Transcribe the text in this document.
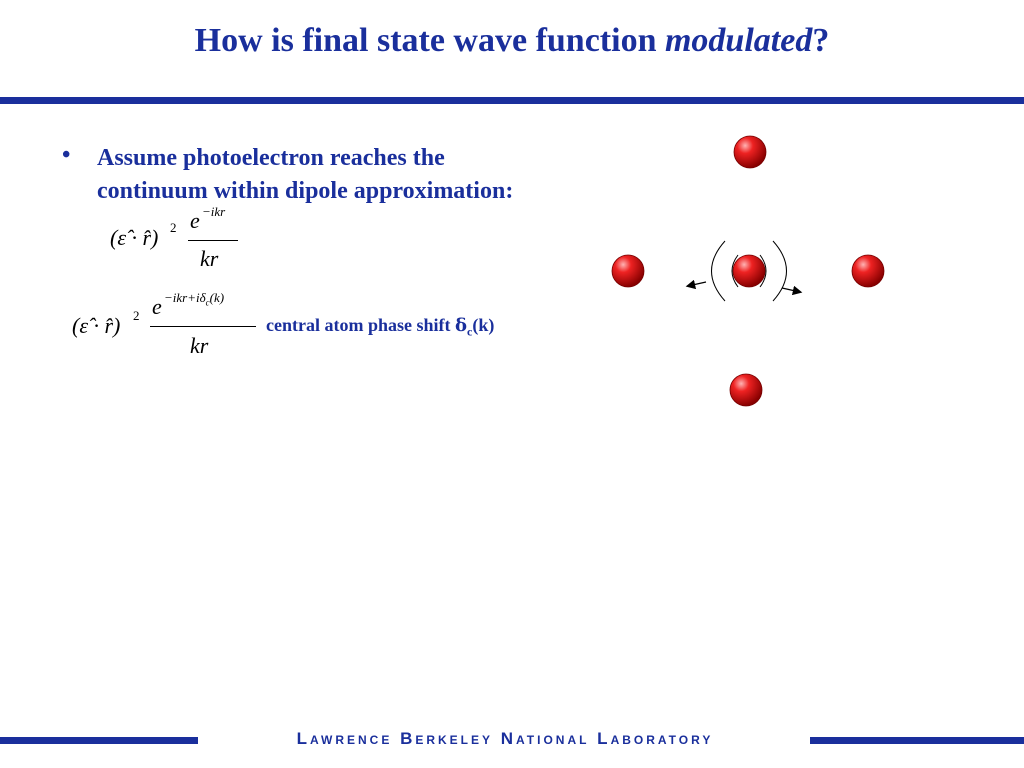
How is final state wave function modulated?
• Assume photoelectron reaches the
continuum within dipole approximation:
(ε̂ · r̂) 2 e −ikr
kr
(ε̂ · r̂) 2 $e -ikr+i\delta_c(k)$
kr
central atom phase shift $\delta_c(k)$
Lawrence Berkeley National Laboratory
